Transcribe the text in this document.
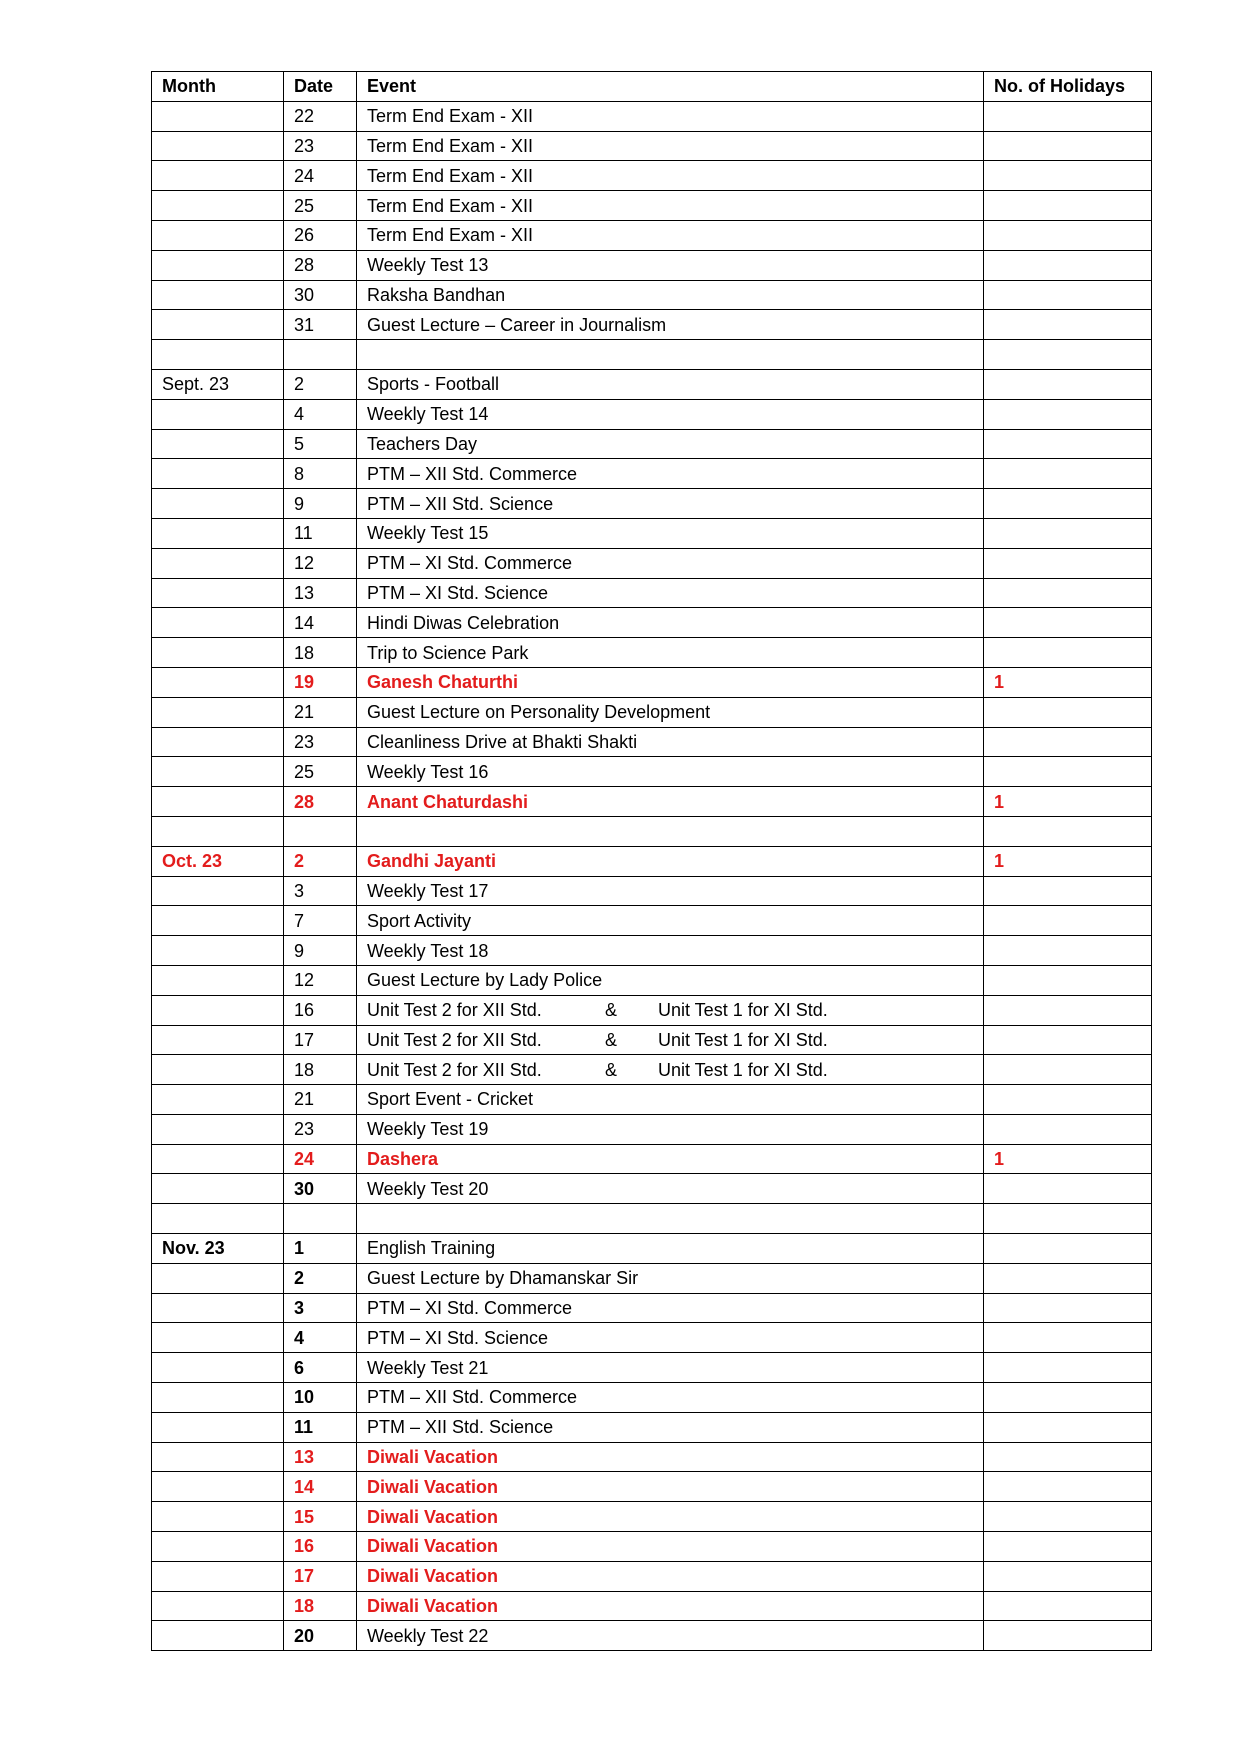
Month	Date	Event	No. of Holidays
	22	Term End Exam - XII	
	23	Term End Exam - XII	
	24	Term End Exam - XII	
	25	Term End Exam - XII	
	26	Term End Exam - XII	
	28	Weekly Test 13	
	30	Raksha Bandhan	
	31	Guest Lecture – Career in Journalism	

Sept. 23	2	Sports - Football	
	4	Weekly Test 14	
	5	Teachers Day	
	8	PTM – XII Std. Commerce	
	9	PTM – XII Std. Science	
	11	Weekly Test 15	
	12	PTM – XI Std. Commerce	
	13	PTM – XI Std. Science	
	14	Hindi Diwas Celebration	
	18	Trip to Science Park	
	19	Ganesh Chaturthi	1
	21	Guest Lecture on Personality Development	
	23	Cleanliness Drive at Bhakti Shakti	
	25	Weekly Test 16	
	28	Anant Chaturdashi	1

Oct. 23	2	Gandhi Jayanti	1
	3	Weekly Test 17	
	7	Sport Activity	
	9	Weekly Test 18	
	12	Guest Lecture by Lady Police	
	16	Unit Test 2 for XII Std. & Unit Test 1 for XI Std.	
	17	Unit Test 2 for XII Std. & Unit Test 1 for XI Std.	
	18	Unit Test 2 for XII Std. & Unit Test 1 for XI Std.	
	21	Sport Event - Cricket	
	23	Weekly Test 19	
	24	Dashera	1
	30	Weekly Test 20	

Nov. 23	1	English Training	
	2	Guest Lecture by Dhamanskar Sir	
	3	PTM – XI Std. Commerce	
	4	PTM – XI Std. Science	
	6	Weekly Test 21	
	10	PTM – XII Std. Commerce	
	11	PTM – XII Std. Science	
	13	Diwali Vacation	
	14	Diwali Vacation	
	15	Diwali Vacation	
	16	Diwali Vacation	
	17	Diwali Vacation	
	18	Diwali Vacation	
	20	Weekly Test 22	
